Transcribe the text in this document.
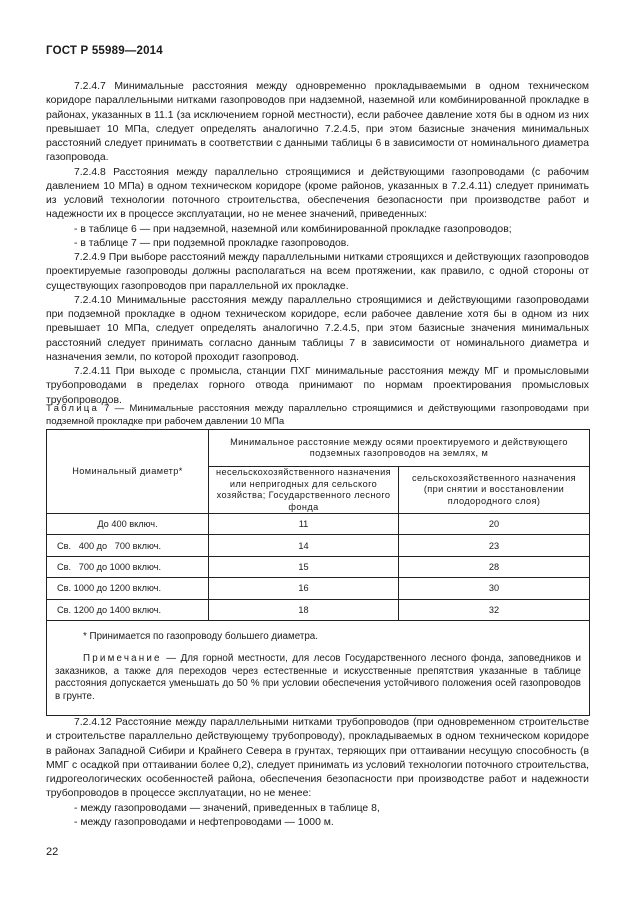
ГОСТ Р 55989—2014

7.2.4.7 Минимальные расстояния между одновременно прокладываемыми в одном техническом коридоре параллельными нитками газопроводов при надземной, наземной или комбинированной прокладке в районах, указанных в 11.1 (за исключением горной местности), если рабочее давление хотя бы в одном из них превышает 10 МПа, следует определять аналогично 7.2.4.5, при этом базисные значения минимальных расстояний следует принимать в соответствии с данными таблицы 6 в зависимости от номинального диаметра газопровода.

7.2.4.8 Расстояния между параллельно строящимися и действующими газопроводами (с рабочим давлением 10 МПа) в одном техническом коридоре (кроме районов, указанных в 7.2.4.11) следует принимать из условий технологии поточного строительства, обеспечения безопасности при производстве работ и надежности их в процессе эксплуатации, но не менее значений, приведенных:

- в таблице 6 — при надземной, наземной или комбинированной прокладке газопроводов;

- в таблице 7 — при подземной прокладке газопроводов.

7.2.4.9 При выборе расстояний между параллельными нитками строящихся и действующих газопроводов проектируемые газопроводы должны располагаться на всем протяжении, как правило, с одной стороны от существующих газопроводов при параллельной их прокладке.

7.2.4.10 Минимальные расстояния между параллельно строящимися и действующими газопроводами при подземной прокладке в одном техническом коридоре, если рабочее давление хотя бы в одном из них превышает 10 МПа, следует определять аналогично 7.2.4.5, при этом базисные значения минимальных расстояний следует принимать согласно данным таблицы 7 в зависимости от номинального диаметра и назначения земли, по которой проходит газопровод.

7.2.4.11 При выходе с промысла, станции ПХГ минимальные расстояния между МГ и промысловыми трубопроводами в пределах горного отвода принимают по нормам проектирования промысловых трубопроводов.

Таблица 7 — Минимальные расстояния между параллельно строящимися и действующими газопроводами при подземной прокладке при рабочем давлении 10 МПа
Номинальный диаметр*	Минимальное расстояние между осями проектируемого и действующего подземных газопроводов на землях, м	
	несельскохозяйственного назначения или непригодных для сельского хозяйства; Государственного лесного фонда	сельскохозяйственного назначения (при снятии и восстановлении плодородного слоя)
До 400 включ.	11	20
Св.   400 до   700 включ.	14	23
Св.   700 до 1000 включ.	15	28
Св. 1000 до 1200 включ.	16	30
Св. 1200 до 1400 включ.	18	32

* Принимается по газопроводу большего диаметра.

Примечание — Для горной местности, для лесов Государственного лесного фонда, заповедников и заказников, а также для переходов через естественные и искусственные препятствия указанные в таблице расстояния допускается уменьшать до 50 % при условии обеспечения устойчивого положения осей газопроводов в грунте.		

7.2.4.12 Расстояние между параллельными нитками трубопроводов (при одновременном строительстве и строительстве параллельно действующему трубопроводу), прокладываемых в одном техническом коридоре в районах Западной Сибири и Крайнего Севера в грунтах, теряющих при оттаивании несущую способность (в ММГ с осадкой при оттаивании более 0,2), следует принимать из условий технологии поточного строительства, гидрогеологических особенностей района, обеспечения безопасности при производстве работ и надежности трубопроводов в процессе эксплуатации, но не менее:

- между газопроводами — значений, приведенных в таблице 8,

- между газопроводами и нефтепроводами — 1000 м.

22
